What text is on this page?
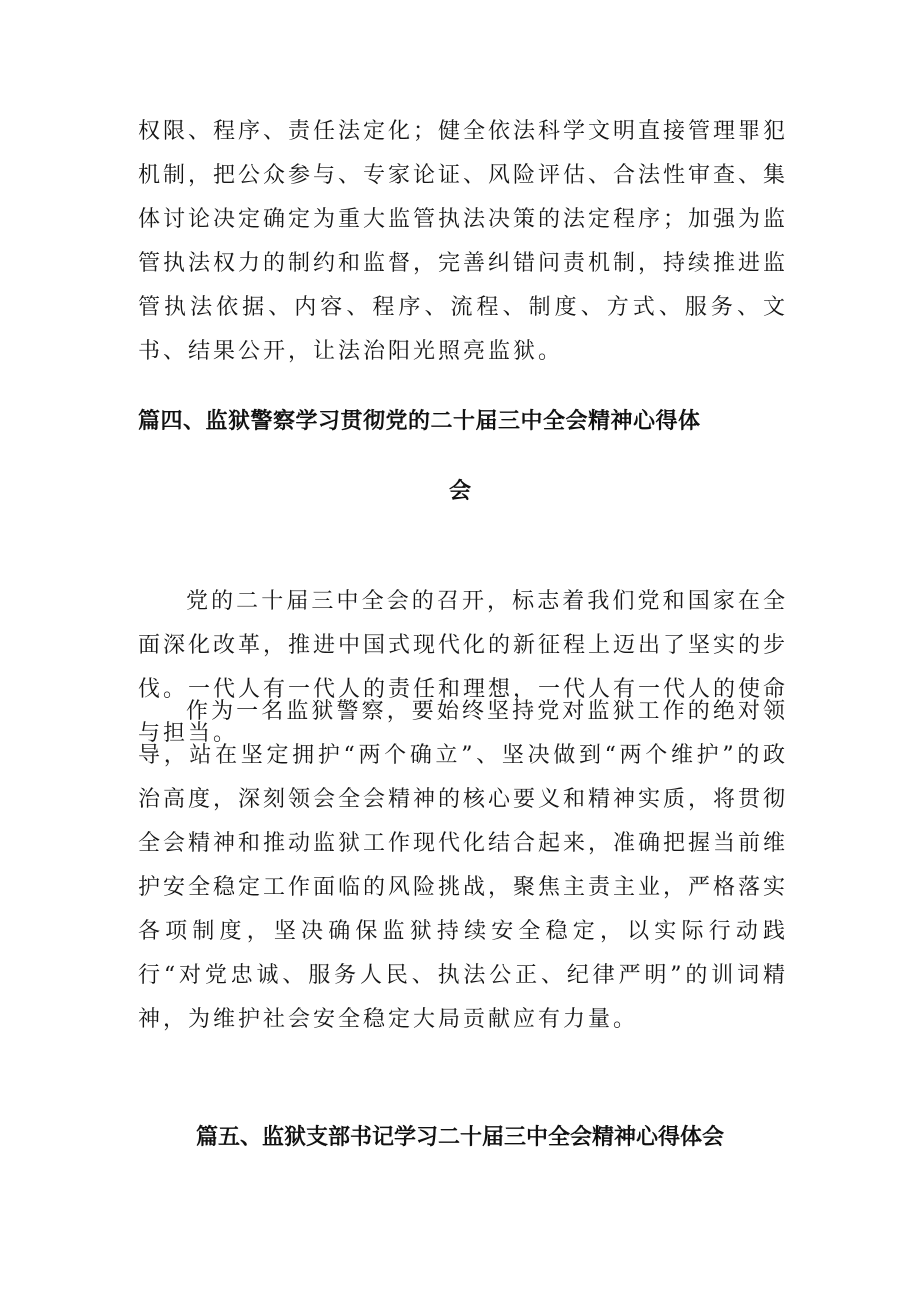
权限、程序、责任法定化；健全依法科学文明直接管理罪犯机制，把公众参与、专家论证、风险评估、合法性审查、集体讨论决定确定为重大监管执法决策的法定程序；加强为监管执法权力的制约和监督，完善纠错问责机制，持续推进监管执法依据、内容、程序、流程、制度、方式、服务、文书、结果公开，让法治阳光照亮监狱。
篇四、监狱警察学习贯彻党的二十届三中全会精神心得体
会
党的二十届三中全会的召开，标志着我们党和国家在全面深化改革，推进中国式现代化的新征程上迈出了坚实的步伐。一代人有一代人的责任和理想，一代人有一代人的使命与担当。
作为一名监狱警察，要始终坚持党对监狱工作的绝对领导，站在坚定拥护“两个确立”、坚决做到“两个维护”的政治高度，深刻领会全会精神的核心要义和精神实质，将贯彻全会精神和推动监狱工作现代化结合起来，准确把握当前维护安全稳定工作面临的风险挑战，聚焦主责主业，严格落实各项制度，坚决确保监狱持续安全稳定，以实际行动践行“对党忠诚、服务人民、执法公正、纪律严明”的训词精神，为维护社会安全稳定大局贡献应有力量。
篇五、监狱支部书记学习二十届三中全会精神心得体会
